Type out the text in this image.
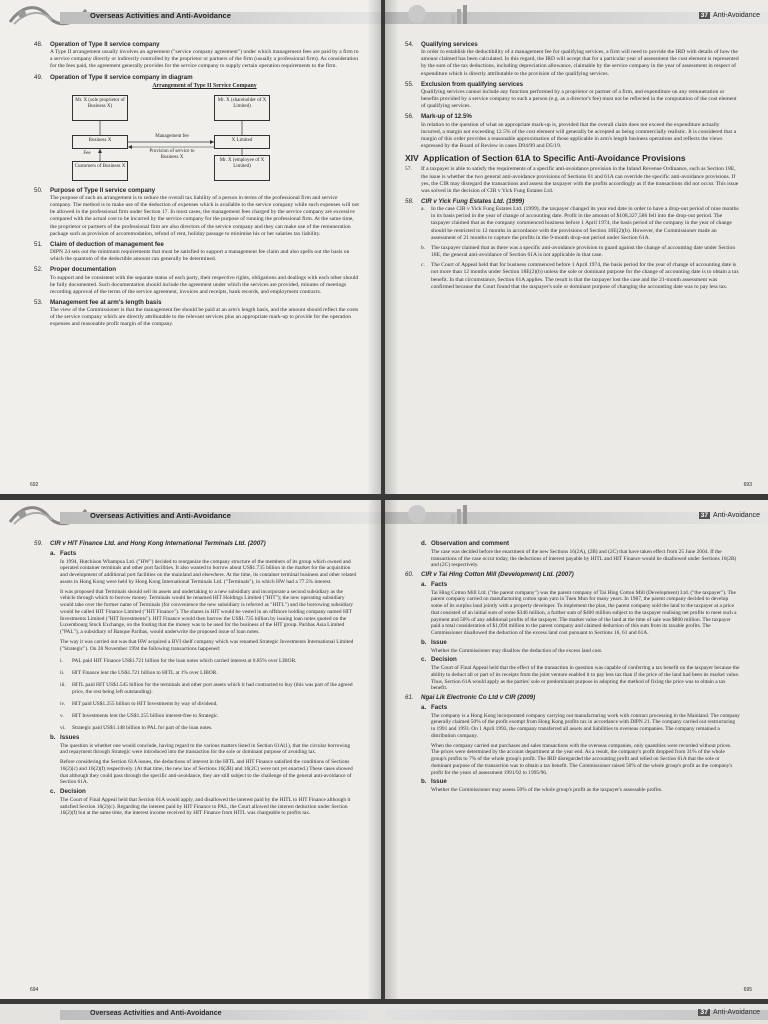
Overseas Activities and Anti-Avoidance
48. Operation of Type II service company

A Type II arrangement usually involves an agreement ("service company agreement") under which management fees are paid by a firm to a service company directly or indirectly controlled by the proprietor or partners of the firm (usually a professional firm). As consideration for the fees paid, the agreement generally provides for the service company to supply certain operation requirements to the firm.

49. Operation of Type II service company in diagram
Arrangement of Type II Service Company
Mr. X (sole proprietor of Business X)
Mr. X (shareholder of X Limited)
Business X	X Limited
Customers of Business X
Mr. X (employee of X Limited)
Management fee
Provision of service to Business X
Fee
50. Purpose of Type II service company

The purpose of such an arrangement is to reduce the overall tax liability of a person in terms of the professional firm and service company. The method is to make use of the deduction of expenses which is available to the service company while such expenses will not be allowed in the professional firm under Section 17. In most cases, the management fees charged by the service company are excessive compared with the actual cost to be incurred by the service company for the purpose of running the professional firm. At the same time, the proprietor or partners of the professional firm are also directors of the service company and they can make use of the remuneration package such as provision of accommodation, refund of rent, holiday passage to minimise his or her salaries tax liability.

51. Claim of deduction of management fee

DIPN 24 sets out the minimum requirements that must be satisfied to support a management fee claim and also spells out the basis on which the quantum of the deductible amount can generally be determined.

52. Proper documentation

To support and be consistent with the separate status of each party, their respective rights, obligations and dealings with each other should be fully documented. Such documentation should include the agreement under which the services are provided, minutes of meetings recording approval of the terms of the service agreement, invoices and receipts, bank records, and employment contracts.

53. Management fee at arm's length basis

The view of the Commissioner is that the management fee should be paid at an arm's length basis, and the amount should reflect the costs of the service company which are directly attributable to the relevant services plus an appropriate mark-up to provide for the operation expenses and reasonable profit margin of the company.

692
37 Anti-Avoidance
54. Qualifying services

In order to establish the deductibility of a management fee for qualifying services, a firm will need to provide the IRD with details of how the amount claimed has been calculated. In this regard, the IRD will accept that for a particular year of assessment the cost element is represented by the sum of the tax deductions, including depreciation allowance, claimable by the service company in the year of assessment in respect of expenditure which is directly attributable to the provision of the qualifying services.

55. Exclusion from qualifying services

Qualifying services cannot include any function performed by a proprietor or partner of a firm, and expenditure on any remuneration or benefits provided by a service company to such a person (e.g. as a director's fee) must not be reflected in the computation of the cost element of qualifying services.

56. Mark-up of 12.5%

In relation to the question of what an appropriate mark-up is, provided that the overall claim does not exceed the expenditure actually incurred, a margin not exceeding 12.5% of the cost element will generally be accepted as being commercially realistic. It is considered that a margin of this order provides a reasonable approximation of those applicable in arm's length business operations and reflects the views expressed by the Board of Review in cases D94/99 and D5/19.

XIV Application of Section 61A to Specific Anti-Avoidance Provisions

57. If a taxpayer is able to satisfy the requirements of a specific anti-avoidance provision in the Inland Revenue Ordinance, such as Section 18E, the issue is whether the two general anti-avoidance provisions of Sections 61 and 61A can override the specific anti-avoidance provisions. If yes, the CIR may disregard the transactions and assess the taxpayer with the profits accordingly as if the transactions did not occur. This issue was solved in the decision of CIR v Yick Fung Estates Ltd.

58. CIR v Yick Fung Estates Ltd. (1999)

a. In the case CIR v Yick Fung Estates Ltd. (1999), the taxpayer changed its year end date in order to have a drop-out period of nine months in its basis period in the year of change of accounting date. Profit in the amount of $108,327,586 fell into the drop-out period. The taxpayer claimed that as the company commenced business before 1 April 1974, the basis period of the company in the year of change should be restricted to 12 months in accordance with the provisions of Section 18E(2)(b). However, the Commissioner made an assessment of 21 months to capture the profits in the 9-month drop-out period under Section 61A.

b. The taxpayer claimed that as there was a specific anti-avoidance provision to guard against the change of accounting date under Section 18E, the general anti-avoidance of Section 61A is not applicable in that case.

c. The Court of Appeal held that for business commenced before 1 April 1974, the basis period for the year of change of accounting date is not more than 12 months under Section 18E(2)(b) unless the sole or dominant purpose for the change of accounting date is to obtain a tax benefit. In that circumstance, Section 61A applies. The result is that the taxpayer lost the case and the 21-month assessment was confirmed because the Court found that the taxpayer's sole or dominant purpose of changing the accounting date was to pay less tax.

693
Overseas Activities and Anti-Avoidance
59. CIR v HIT Finance Ltd. and Hong Kong International Terminals Ltd. (2007)
a. Facts

In 1994, Hutchison Whampoa Ltd. ("HW") decided to reorganize the company structure of the members of its group which owned and operated container terminals and other port facilities. It also wanted to borrow about US$1.735 billion in the market for the acquisition and development of additional port facilities on the mainland and elsewhere. At the time, its container terminal business and other related assets in Hong Kong were held by Hong Kong International Terminals Ltd. ("Terminals"), in which HW had a 77.5% interest.

It was proposed that Terminals should sell its assets and undertaking to a new subsidiary and incorporate a second subsidiary as the vehicle through which to borrow money. Terminals would be renamed HIT Holdings Limited ("HIT"); the new operating subsidiary would take over the former name of Terminals (for convenience the new subsidiary is referred as "HITL") and the borrowing subsidiary would be called HIT Finance Limited ("HIT Finance"). The shares in HIT would be vested in an offshore holding company named HIT Investments Limited ("HIT Investments"). HIT Finance would then borrow the US$1.735 billion by issuing loan notes quoted on the Luxembourg Stock Exchange, on the footing that the money was to be used for the business of the HIT group. Paribas Asia Limited ("PAL"), a subsidiary of Banque Paribas, would underwrite the proposed issue of loan notes.

The way it was carried out was that HW acquired a BVI shelf company which was renamed Strategic Investments International Limited ("Strategic"). On 28 November 1994 the following transactions happened:

i. PAL paid HIT Finance US$1.721 billion for the loan notes which carried interest at 0.85% over LIBOR.

ii. HIT Finance lent the US$1.721 billion to HITL at 1% over LIBOR.

iii. HITL paid HIT US$1.545 billion for the terminals and other port assets which it had contracted to buy (this was part of the agreed price, the rest being left outstanding).

iv. HIT paid US$1.255 billion to HIT Investments by way of dividend.

v. HIT Investments lent the US$1.255 billion interest-free to Strategic.

vi. Strategic paid US$1.148 billion to PAL for part of the loan notes.

b. Issues

The question is whether one would conclude, having regard to the various matters listed in Section 61A(1), that the circular borrowing and repayment through Strategic were introduced into the transaction for the sole or dominant purpose of avoiding tax.

Before considering the Section 61A issues, the deductions of interest in the HITL and HIT Finance satisfied the conditions of Sections 16(2)(c) and 16(2)(f) respectively. (At that time, the new law of Sections 16(2B) and 16(2C) were not yet enacted.) These cases showed that although they could pass through the specific anti-avoidance, they are still subject to the challenge of the general anti-avoidance of Section 61A.

c. Decision

The Court of Final Appeal held that Section 61A would apply, and disallowed the interest paid by the HITL to HIT Finance although it satisfied Section 16(2)(c). Regarding the interest paid by HIT Finance to PAL, the Court allowed the interest deduction under Section 16(2)(f) but at the same time, the interest income received by HIT Finance from HITL was chargeable to profits tax.

694
37 Anti-Avoidance
d. Observation and comment

The case was decided before the enactment of the new Sections 16(2A), (2B) and (2C) that have taken effect from 25 June 2004. If the transactions of the case occur today, the deductions of interest payable by HITL and HIT Finance would be disallowed under Sections 16(2B) and (2C) respectively.

60. CIR v Tai Hing Cotton Mill (Development) Ltd. (2007)
a. Facts

Tai Hing Cotton Mill Ltd. ("the parent company") was the parent company of Tai Hing Cotton Mill (Development) Ltd. ("the taxpayer"). The parent company carried on manufacturing cotton spun yarn in Tuen Mun for many years. In 1987, the parent company decided to develop some of its surplus land jointly with a property developer. To implement the plan, the parent company sold the land to the taxpayer at a price that consisted of an initial sum of some $346 million, a further sum of $400 million subject to the taxpayer realising net profits to meet such a payment and 50% of any additional profits of the taxpayer. The market value of the land at the time of sale was $800 million. The taxpayer paid a total consideration of $1,094 million to the parent company and claimed deduction of this sum from its taxable profits. The Commissioner disallowed the deduction of the excess land cost pursuant to Sections 16, 61 and 61A.

b. Issue

Whether the Commissioner may disallow the deduction of the excess land cost.

c. Decision

The Court of Final Appeal held that the effect of the transaction in question was capable of conferring a tax benefit on the taxpayer because the ability to deduct all or part of its receipts from the joint venture enabled it to pay less tax than if the price of the land had been its market value. Thus, Section 61A would apply as the parties' sole or predominant purpose in adopting the method of fixing the price was to obtain a tax benefit.

61. Ngai Lik Electronic Co Ltd v CIR (2009)
a. Facts

The company is a Hong Kong incorporated company carrying out manufacturing work with contract processing in the Mainland. The company generally claimed 50% of the profit exempt from Hong Kong profits tax in accordance with DIPN 21. The company carried out restructuring in 1991 and 1993. On 1 April 1993, the company transferred all assets and liabilities to overseas companies. The company remained a distribution company.

When the company carried out purchases and sales transactions with the overseas companies, only quantities were recorded without prices. The prices were determined by the account department at the year end. As a result, the company's profit dropped from 31% of the whole group's profits to 7% of the whole group's profit. The IRD disregarded the accounting profit and relied on Section 61A that the sole or dominant purpose of the transaction was to obtain a tax benefit. The Commissioner raised 50% of the whole group's profit as the company's profit for the years of assessment 1991/92 to 1995/96.

b. Issue

Whether the Commissioner may assess 50% of the whole group's profit as the taxpayer's assessable profits.

695
Overseas Activities and Anti-Avoidance	37 Anti-Avoidance
